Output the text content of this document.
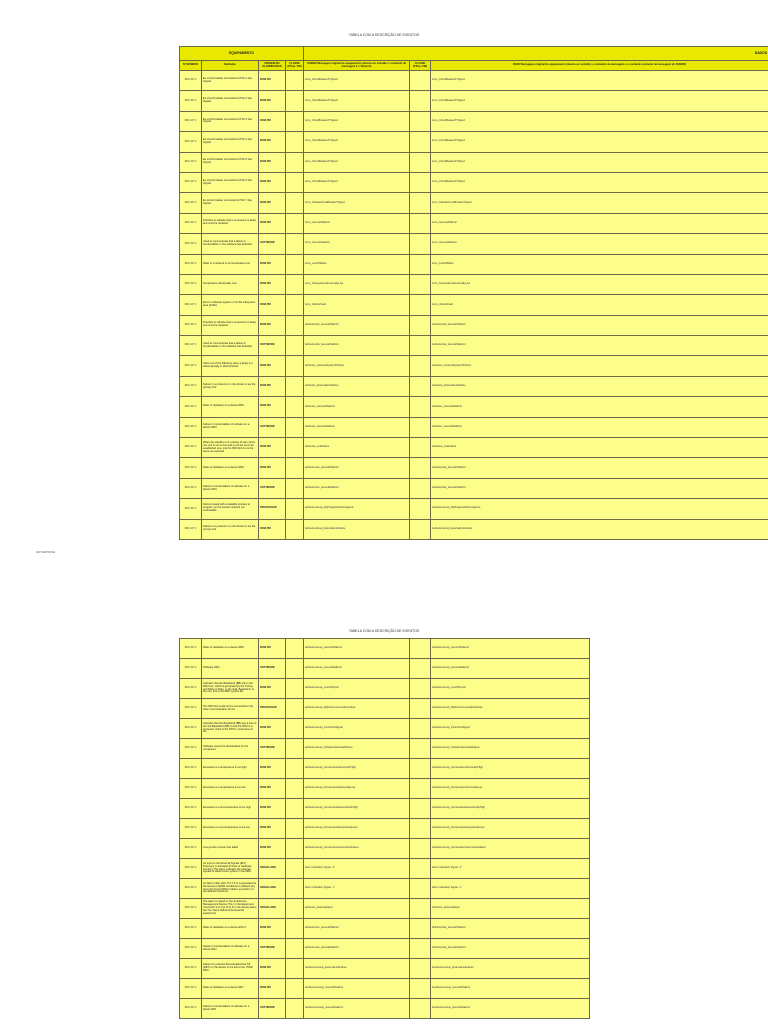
TABELA COM A DESCRIÇÃO DE EVENTOS
EQUIPAMENTO				DADOS		
Nº NÚMERO	Definição	ORIGEM DO ALARME/AVISO	CLASSE (P.Pop. FW)	SUMAR Mensagem original do equipamento (deverá ser extraída; o conteúdo da mensagem é o Tetrarch)	CLASSE (P.Pop. FW)	DADO Mensagem original do equipamento (deverá ser extraída; o conteúdo da mensagem é o conteúdo existente na mensagem do SUMAR)
8901.107.0	Eu circuit breaker connected to PSU 1 has tripped	RAW PM		Accu_CircuitBreakerXTripped		Accu_CircuitBreakerXTripped
8901.107.0	Eu circuit breaker connected to PSU 2 has tripped	RAW PM		Accu_CircuitBreakerXTripped		Accu_CircuitBreakerXTripped
8901.107.0	Eu circuit breaker connected to PSU 3 has tripped	RAW PM		Accu_CircuitBreakerXTripped		Accu_CircuitBreakerXTripped
8901.107.0	Eu circuit breaker connected to PSU 4 has tripped	RAW PM		Accu_CircuitBreakerXTripped		Accu_CircuitBreakerXTripped
8901.107.0	Eu circuit breaker connected to PSU 5 has tripped	RAW PM		Accu_CircuitBreakerXTripped		Accu_CircuitBreakerXTripped
8901.107.0	Eu circuit breaker connected to PSU 6 has tripped	RAW PM		Accu_CircuitBreakerXTripped		Accu_CircuitBreakerXTripped
8901.107.0	Eu circuit breaker connected to PSU 7 has tripped	RAW PM		Accu_ClimateCircuitBreakerTripped		Accu_ClimateCircuitBreakerTripped
8901.107.0	Provides to indicate that a component is faulty and must be replaced	RAW PM		Accu_GeneralHwError		Accu_GeneralHwError
8901.107.0	Used to communicate that a failure in functionalities in the software has detected	SOFTWARE		Accu_GeneralSwError		Accu_GeneralSwError
8901.107.0	Refer to a network is communication lost	RAW PM		Accu_LossOfMains		Accu_LossOfMains
8901.107.0	Temperature abnormally Low	RAW PM		Accu_TemperatureAbnormallyLow		Accu_TemperatureAbnormallyLow
8901.107.0	Error in software system in the file subsystem area (buffer)	RAW PM		Accu_VaristorFault		Accu_VaristorFault
8901.107.0	Provides to indicate that a component is faulty and must be replaced	RAW PM		AuDeviceSet_GeneralHwError		AuDeviceSet_GeneralHwError
8901.107.0	Used to communicate that a failure in functionalities in the software has detected	SOFTWARE		AuDeviceSet_GeneralSwError		AuDeviceSet_GeneralSwError
8901.107.0	Uses one of the following when a faulty is a status already or disconnected	RAW PM		AuDevice_AntennaSystemProblem		AuDevice_AntennaSystemProblem
8901.107.0	Failure in a protocol or in the device to set the primary link	RAW PM		AuDevice_ExternalLinkFailure		AuDevice_ExternalLinkFailure
8901.107.0	Refer to hardware on a device RRU	RAW PM		AuDevice_GeneralHwError		AuDevice_GeneralHwError
8901.107.0	Failure in functionalities of software on a device RRU	SOFTWARE		AuDevice_GeneralSwError		AuDevice_GeneralSwError
8901.107.0	When the standby is in a status of team since one unit is set to one and is not the set of an established one, one the RRU link is not the same as expected	RAW PM		AuDevice_LinkFailure		AuDevice_LinkFailure
8901.107.0	Refer to hardware on a device RRU	RAW PM		AuDeviceSet_GeneralHwError		AuDeviceSet_GeneralHwError
8901.107.0	Failure in functionalities of software on a device RRU	SOFTWARE		AuDeviceSet_GeneralSwError		AuDeviceSet_GeneralSwError
8901.107.0	Device issued with a loadable process to program; so the control could be not enforceable	PROCESSOR		AuDeviceGroup_ZipProgramNotConfigured		AuDeviceGroup_ZipProgramNotConfigured
8901.107.0	Failure in a protocol or in the device to set the primary link	RAW PM		AuDeviceGroup_ExternalLinkFailure		AuDeviceGroup_ExternalLinkFailure
ENTERPRISE
TABELA COM A DESCRIÇÃO DE EVENTOS
8901.107.0	Refer to hardware on a device RRU	RAW PM		AuDeviceGroup_GeneralHwError		AuDeviceGroup_GeneralHwError
8901.107.0	Software RRU	SOFTWARE		AuDeviceGroup_GeneralSwError		AuDeviceGroup_GeneralSwError
8901.107.0	Indicates that the Baseband (BB) link to the RRU lost, which is generated by the Timing and Wave to Date, to the lead, Baseband, to the unit, this is the RRU system file	RAW PM		AuDeviceGroup_LossOfSynch		AuDeviceGroup_LossOfSynch
8901.107.0	The RRU link could not be connected to the other communication circuit	PROCESSOR		AuDeviceGroup_MpDsCommunicationFailure		AuDeviceGroup_MpDsCommunicationFailure
8901.107.0	Indicates that the Baseband (BB) has a loss of the link Baseband (BB) to link the RRU is a processor clock to the TRVU, continuous of the	RAW PM		AuDeviceGroup_PoorClockSignal		AuDeviceGroup_PoorClockSignal
8901.107.0	Software cannot be downloaded for the component	SOFTWARE		AuDeviceGroup_SoftwareDownloadFailure		AuDeviceGroup_SoftwareDownloadFailure
8901.107.0	Excessive is a temperature is too high	RAW PM		AuDeviceGroup_TemperatureAbnormallyHigh		AuDeviceGroup_TemperatureAbnormallyHigh
8901.107.0	Excessive is a temperature is too low	RAW PM		AuDeviceGroup_TemperatureAbnormallyLow		AuDeviceGroup_TemperatureAbnormallyLow
8901.107.0	Excessive is a set temperature is too high	RAW PM		AuDeviceGroup_TemperatureExceptionallyHigh		AuDeviceGroup_TemperatureExceptionallyHigh
8901.107.0	Excessive is a set temperature is too low	RAW PM		AuDeviceGroup_TemperatureExceptionallyLow		AuDeviceGroup_TemperatureExceptionallyLow
8901.107.0	Line junction sensor has failed	RAW PM		AuDeviceGroup_TemperatureSupervisionFailure		AuDeviceGroup_TemperatureSupervisionFailure
8901.107.0	An input to the External Signals (EIS) Discovery is activated (if there is hardware function) The alarm indicates the external signals of status Anum system in the RRU	SIGNALLING		Alarm Indication Signal - P		Alarm Indication Signal - P
8901.107.0	An Alarm Filter (AIS, P.V.T 0.1) is generated to the Excess of ESIS conditions to (without any timer the bit and RRU problem to perform of the defined functions)	SIGNALLING		Alarm Indication Signal - V		Alarm Indication Signal - V
8901.107.0	The alarm is raised on the Ambiences Management Device (TLL) in the Equipment Connector is to TLL D to P, in the device alarm, the TLL that is defined (the External equipment)	SIGNALLING		AirDevice_ExternalAlarm		AirDevice_ExternalAlarm
8901.107.0	Refer to hardware on a device ESU 0	RAW PM		AirDeviceSet_GeneralHwError		AirDeviceSet_GeneralHwError
8901.107.0	Failure in functionalities of software on a device ESU	SOFTWARE		AirDeviceSet_GeneralSwError		AirDeviceSet_GeneralSwError
8901.107.0	Failure for a device Remote Electrical Tilt (RET) on the device to the link to the (TMA) RRU	RAW PM		AuxDeviceGroup_ExternalLinkFailure		AuxDeviceGroup_ExternalLinkFailure
8901.107.0	Refer to hardware on a device RET	RAW PM		AuxDeviceGroup_GeneralHwError		AuxDeviceGroup_GeneralHwError
8901.107.0	Failure in functionalities of software on a device RET	SOFTWARE		AuxDeviceGroup_GeneralSwError		AuxDeviceGroup_GeneralSwError
